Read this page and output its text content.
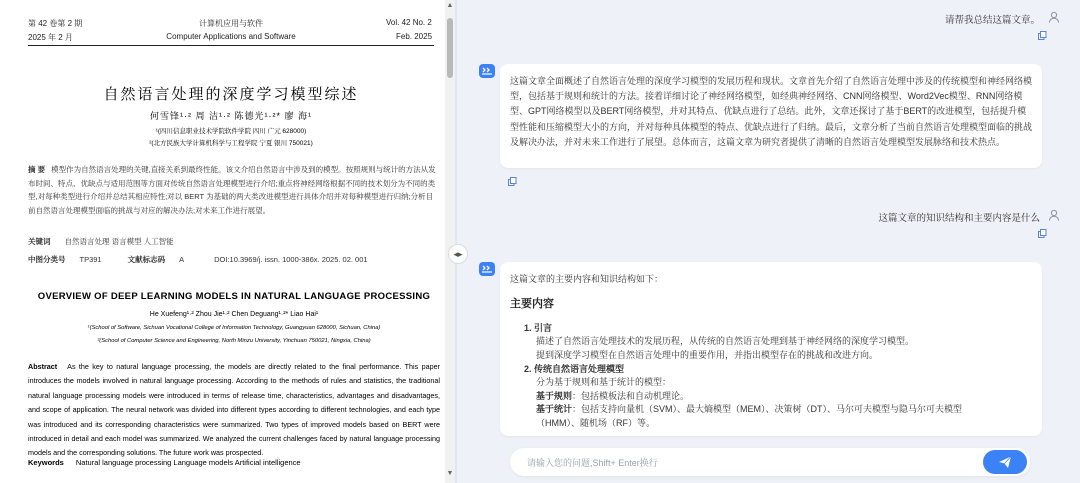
第 42 卷第 2 期
2025 年 2 月
计算机应用与软件
Computer Applications and Software
Vol. 42 No. 2
Feb. 2025
自然语言处理的深度学习模型综述
何雪锋¹·² 周 洁¹·² 陈德光¹·²* 廖 海¹
¹(四川信息职业技术学院软件学院 四川 广元 628000)
²(北方民族大学计算机科学与工程学院 宁夏 银川 750021)
摘 要 模型作为自然语言处理的关键,直接关系到最终性能。该文介绍自然语言中涉及到的模型。按照规则与统计的方法从发布时间、特点、优缺点与适用范围等方面对传统自然语言处理模型进行介绍;重点将神经网络根据不同的技术划分为不同的类型,对每种类型进行介绍并总结其相应特性;对以 BERT 为基础的两大类改进模型进行具体介绍并对每种模型进行归纳;分析目前自然语言处理模型面临的挑战与对应的解决办法;对未来工作进行展望。
关键词 自然语言处理 语言模型 人工智能
中图分类号 TP391	文献标志码 A	DOI:10.3969/j. issn. 1000-386x. 2025. 02. 001
OVERVIEW OF DEEP LEARNING MODELS IN NATURAL LANGUAGE PROCESSING
He Xuefeng¹·² Zhou Jie¹·² Chen Deguang¹·²* Liao Hai¹
¹(School of Software, Sichuan Vocational College of Information Technology, Guangyuan 628000, Sichuan, China)
²(School of Computer Science and Engineering, North Minzu University, Yinchuan 750021, Ningxia, China)
Abstract As the key to natural language processing, the models are directly related to the final performance. This paper introduces the models involved in natural language processing. According to the methods of rules and statistics, the traditional natural language processing models were introduced in terms of release time, characteristics, advantages and disadvantages, and scope of application. The neural network was divided into different types according to different technologies, and each type was introduced and its corresponding characteristics were summarized. Two types of improved models based on BERT were introduced in detail and each model was summarized. We analyzed the current challenges faced by natural language processing models and the corresponding solutions. The future work was prospected.
Keywords Natural language processing Language models Artificial intelligence
▲
▼
◂▸
请帮我总结这篇文章。
这篇文章全面概述了自然语言处理的深度学习模型的发展历程和现状。文章首先介绍了自然语言处理中涉及的传统模型和神经网络模型，包括基于规则和统计的方法。接着详细讨论了神经网络模型，如经典神经网络、CNN网络模型、Word2Vec模型、RNN网络模型、GPT网络模型以及BERT网络模型，并对其特点、优缺点进行了总结。此外，文章还探讨了基于BERT的改进模型，包括提升模型性能和压缩模型大小的方向，并对每种具体模型的特点、优缺点进行了归纳。最后，文章分析了当前自然语言处理模型面临的挑战及解决办法，并对未来工作进行了展望。总体而言，这篇文章为研究者提供了清晰的自然语言处理模型发展脉络和技术热点。
这篇文章的知识结构和主要内容是什么
这篇文章的主要内容和知识结构如下：
主要内容
1. 引言
描述了自然语言处理技术的发展历程，从传统的自然语言处理到基于神经网络的深度学习模型。
提到深度学习模型在自然语言处理中的重要作用，并指出模型存在的挑战和改进方向。
2. 传统自然语言处理模型
分为基于规则和基于统计的模型：
基于规则：包括模板法和自动机理论。
基于统计：包括支持向量机（SVM）、最大熵模型（MEM）、决策树（DT）、马尔可夫模型与隐马尔可夫模型
（HMM）、随机场（RF）等。
请输入您的问题,Shift+ Enter换行
